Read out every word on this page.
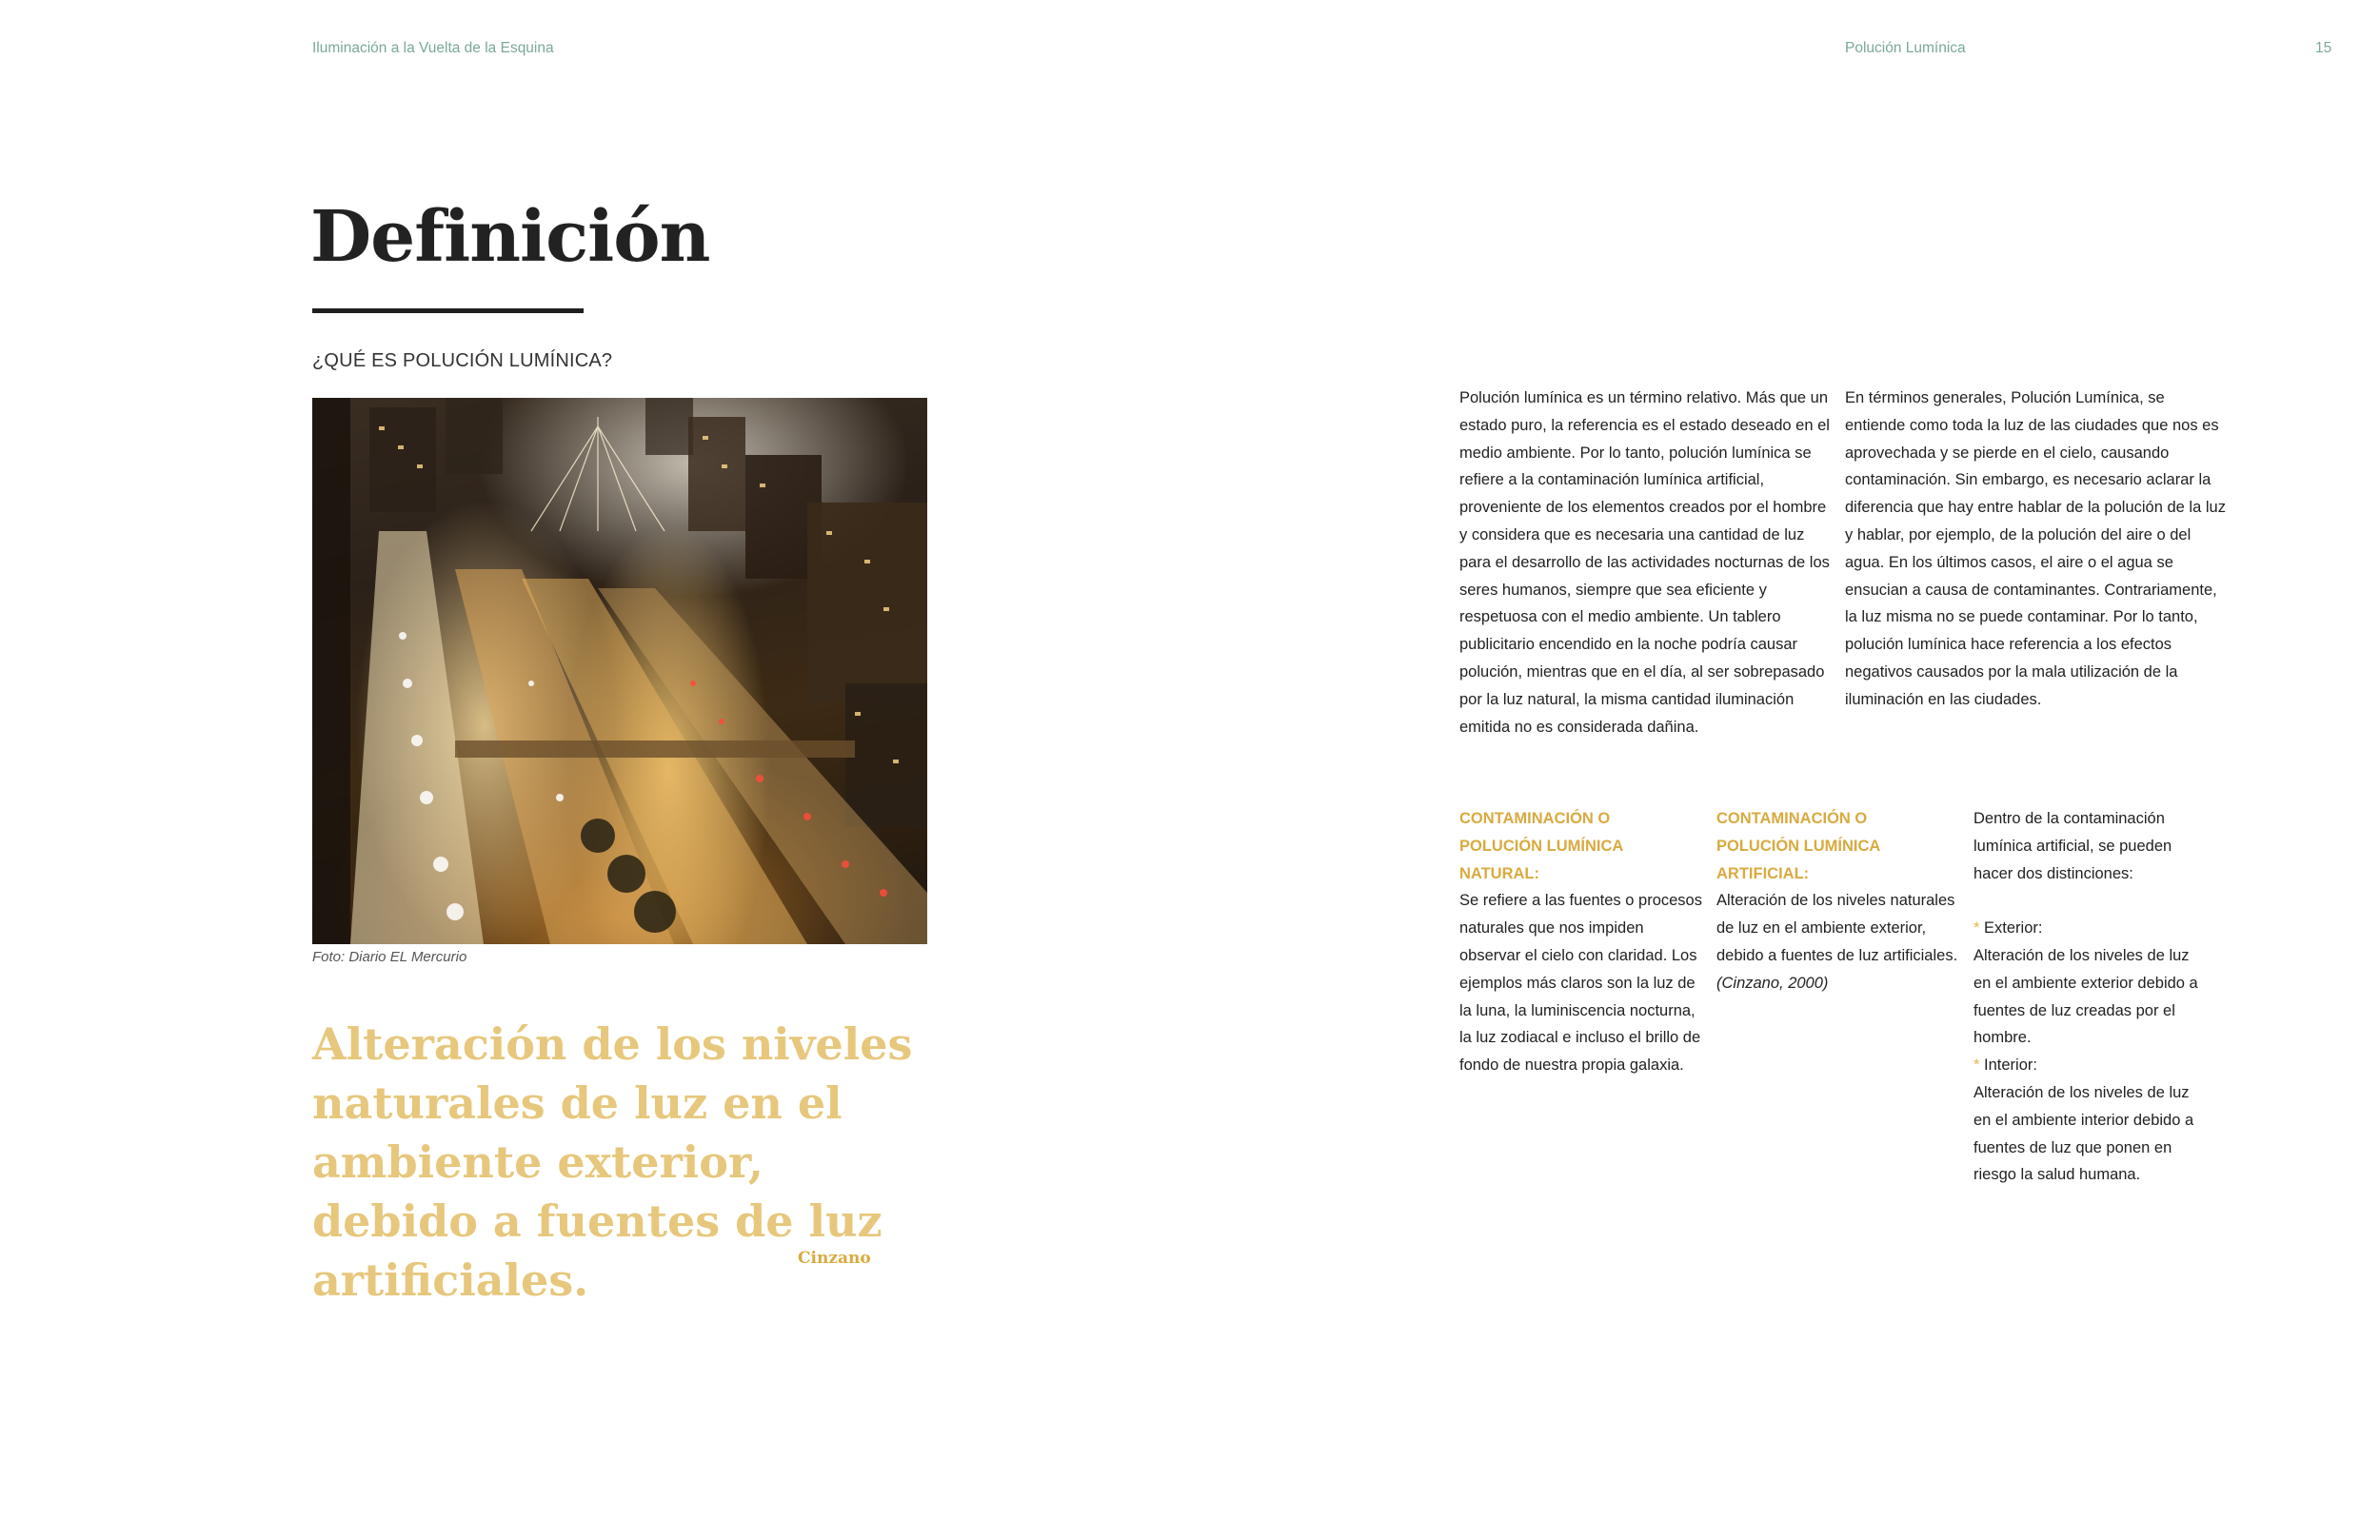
Iluminación a la Vuelta de la Esquina	Polución Lumínica	15
Definición
¿QUÉ ES POLUCIÓN LUMÍNICA?
Foto: Diario EL Mercurio

Alteración de los niveles naturales de luz en el ambiente exterior, debido a fuentes de luz artificiales.	Cinzano

Polución lumínica es un término relativo. Más que un estado puro, la referencia es el estado deseado en el medio ambiente. Por lo tanto, polución lumínica se refiere a la contaminación lumínica artificial, proveniente de los elementos creados por el hombre y considera que es necesaria una cantidad de luz para el desarrollo de las actividades nocturnas de los seres humanos, siempre que sea eficiente y respetuosa con el medio ambiente. Un tablero publicitario encendido en la noche podría causar polución, mientras que en el día, al ser sobrepasado por la luz natural, la misma cantidad iluminación emitida no es considerada dañina.

En términos generales, Polución Lumínica, se entiende como toda la luz de las ciudades que nos es aprovechada y se pierde en el cielo, causando contaminación. Sin embargo, es necesario aclarar la diferencia que hay entre hablar de la polución de la luz y hablar, por ejemplo, de la polución del aire o del agua. En los últimos casos, el aire o el agua se ensucian a causa de contaminantes. Contrariamente, la luz misma no se puede contaminar. Por lo tanto, polución lumínica hace referencia a los efectos negativos causados por la mala utilización de la iluminación en las ciudades.

CONTAMINACIÓN O
POLUCIÓN LUMÍNICA
NATURAL:
Se refiere a las fuentes o procesos naturales que nos impiden observar el cielo con claridad. Los ejemplos más claros son la luz de la luna, la luminiscencia nocturna, la luz zodiacal e incluso el brillo de fondo de nuestra propia galaxia.
CONTAMINACIÓN O
POLUCIÓN LUMÍNICA
ARTIFICIAL:
Alteración de los niveles naturales de luz en el ambiente exterior, debido a fuentes de luz artificiales.
(Cinzano, 2000)
Dentro de la contaminación lumínica artificial, se pueden hacer dos distinciones:
* Exterior:
Alteración de los niveles de luz en el ambiente exterior debido a fuentes de luz creadas por el hombre.
* Interior:
Alteración de los niveles de luz en el ambiente interior debido a fuentes de luz que ponen en riesgo la salud humana.
